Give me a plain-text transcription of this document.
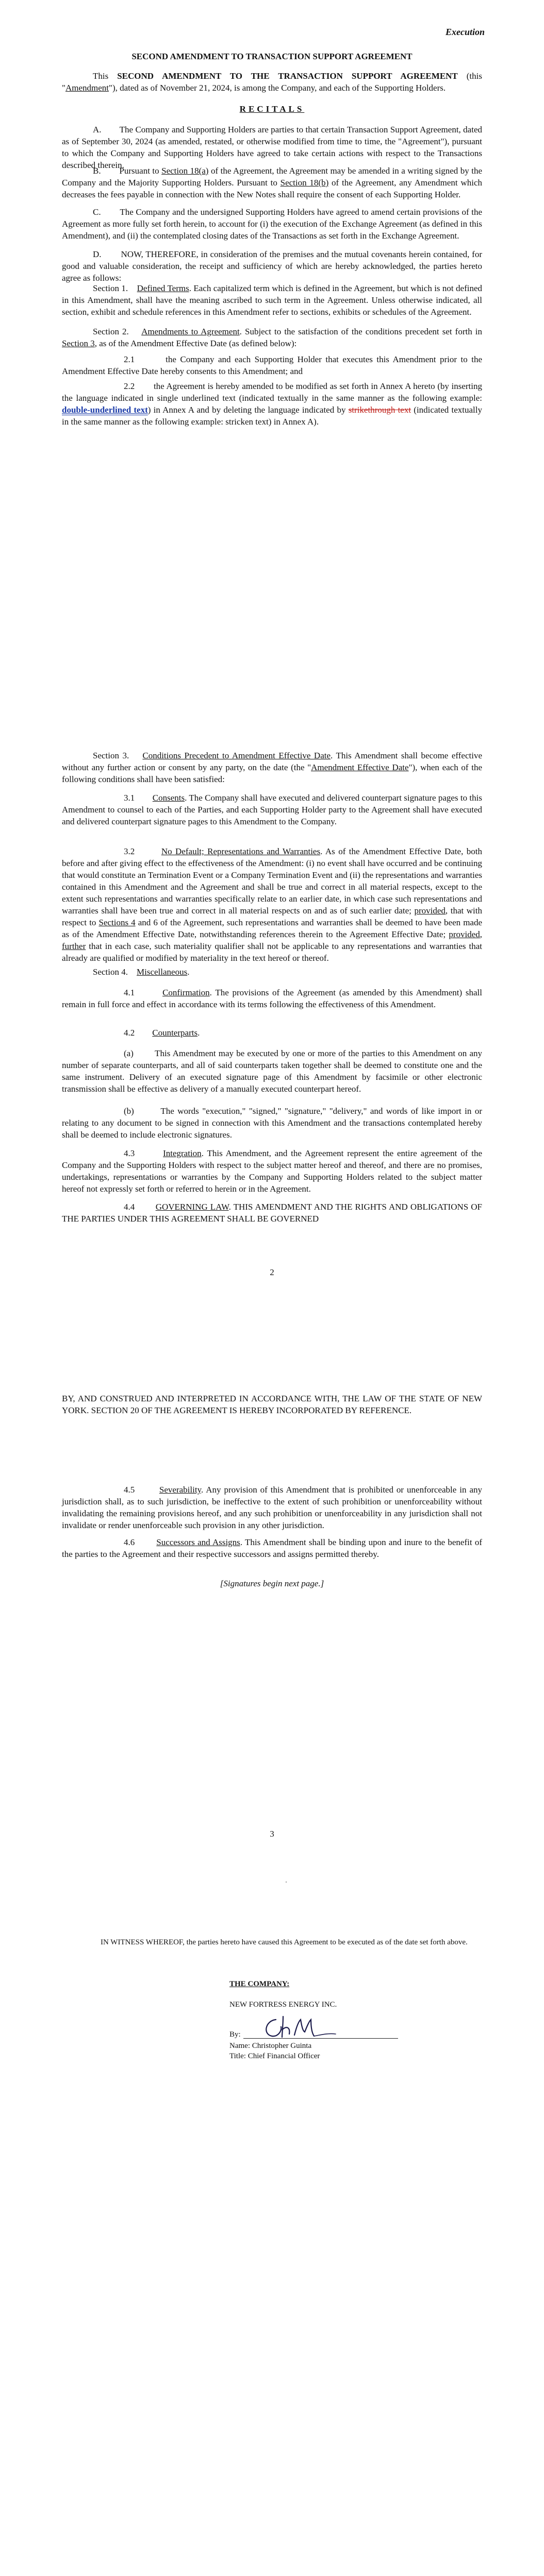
Execution

SECOND AMENDMENT TO TRANSACTION SUPPORT AGREEMENT

This SECOND AMENDMENT TO THE TRANSACTION SUPPORT AGREEMENT (this "Amendment"), dated as of November 21, 2024, is among the Company, and each of the Supporting Holders.

RECITALS

A.        The Company and Supporting Holders are parties to that certain Transaction Support Agreement, dated as of September 30, 2024 (as amended, restated, or otherwise modified from time to time, the "Agreement"), pursuant to which the Company and Supporting Holders have agreed to take certain actions with respect to the Transactions described therein.

B.        Pursuant to Section 18(a) of the Agreement, the Agreement may be amended in a writing signed by the Company and the Majority Supporting Holders. Pursuant to Section 18(b) of the Agreement, any Amendment which decreases the fees payable in connection with the New Notes shall require the consent of each Supporting Holder.

C.        The Company and the undersigned Supporting Holders have agreed to amend certain provisions of the Agreement as more fully set forth herein, to account for (i) the execution of the Exchange Agreement (as defined in this Amendment), and (ii) the contemplated closing dates of the Transactions as set forth in the Exchange Agreement.

D.        NOW, THEREFORE, in consideration of the premises and the mutual covenants herein contained, for good and valuable consideration, the receipt and sufficiency of which are hereby acknowledged, the parties hereto agree as follows:

Section 1. Defined Terms. Each capitalized term which is defined in the Agreement, but which is not defined in this Amendment, shall have the meaning ascribed to such term in the Agreement. Unless otherwise indicated, all section, exhibit and schedule references in this Amendment refer to sections, exhibits or schedules of the Agreement.

Section 2. Amendments to Agreement. Subject to the satisfaction of the conditions precedent set forth in Section 3, as of the Amendment Effective Date (as defined below):

2.1        the Company and each Supporting Holder that executes this Amendment prior to the Amendment Effective Date hereby consents to this Amendment; and

2.2        the Agreement is hereby amended to be modified as set forth in Annex A hereto (by inserting the language indicated in single underlined text (indicated textually in the same manner as the following example: double-underlined text) in Annex A and by deleting the language indicated by strikethrough text (indicated textually in the same manner as the following example: stricken text) in Annex A).

Section 3. Conditions Precedent to Amendment Effective Date. This Amendment shall become effective without any further action or consent by any party, on the date (the "Amendment Effective Date"), when each of the following conditions shall have been satisfied:

3.1        Consents. The Company shall have executed and delivered counterpart signature pages to this Amendment to counsel to each of the Parties, and each Supporting Holder party to the Agreement shall have executed and delivered counterpart signature pages to this Amendment to the Company.

3.2        No Default; Representations and Warranties. As of the Amendment Effective Date, both before and after giving effect to the effectiveness of the Amendment: (i) no event shall have occurred and be continuing that would constitute an Termination Event or a Company Termination Event and (ii) the representations and warranties contained in this Amendment and the Agreement and shall be true and correct in all material respects, except to the extent such representations and warranties specifically relate to an earlier date, in which case such representations and warranties shall have been true and correct in all material respects on and as of such earlier date; provided, that with respect to Sections 4 and 6 of the Agreement, such representations and warranties shall be deemed to have been made as of the Amendment Effective Date, notwithstanding references therein to the Agreement Effective Date; provided, further that in each case, such materiality qualifier shall not be applicable to any representations and warranties that already are qualified or modified by materiality in the text hereof or thereof.

Section 4. Miscellaneous.

4.1        Confirmation. The provisions of the Agreement (as amended by this Amendment) shall remain in full force and effect in accordance with its terms following the effectiveness of this Amendment.

4.2        Counterparts.

(a)        This Amendment may be executed by one or more of the parties to this Amendment on any number of separate counterparts, and all of said counterparts taken together shall be deemed to constitute one and the same instrument. Delivery of an executed signature page of this Amendment by facsimile or other electronic transmission shall be effective as delivery of a manually executed counterpart hereof.

(b)        The words "execution," "signed," "signature," "delivery," and words of like import in or relating to any document to be signed in connection with this Amendment and the transactions contemplated hereby shall be deemed to include electronic signatures.

4.3        Integration. This Amendment, and the Agreement represent the entire agreement of the Company and the Supporting Holders with respect to the subject matter hereof and thereof, and there are no promises, undertakings, representations or warranties by the Company and Supporting Holders related to the subject matter hereof not expressly set forth or referred to herein or in the Agreement.

4.4        GOVERNING LAW. THIS AMENDMENT AND THE RIGHTS AND OBLIGATIONS OF THE PARTIES UNDER THIS AGREEMENT SHALL BE GOVERNED

2

BY, AND CONSTRUED AND INTERPRETED IN ACCORDANCE WITH, THE LAW OF THE STATE OF NEW YORK. SECTION 20 OF THE AGREEMENT IS HEREBY INCORPORATED BY REFERENCE.

4.5        Severability. Any provision of this Amendment that is prohibited or unenforceable in any jurisdiction shall, as to such jurisdiction, be ineffective to the extent of such prohibition or unenforceability without invalidating the remaining provisions hereof, and any such prohibition or unenforceability in any jurisdiction shall not invalidate or render unenforceable such provision in any other jurisdiction.

4.6        Successors and Assigns. This Amendment shall be binding upon and inure to the benefit of the parties to the Agreement and their respective successors and assigns permitted thereby.

[Signatures begin next page.]

3

IN WITNESS WHEREOF, the parties hereto have caused this Agreement to be executed as of the date set forth above.

THE COMPANY:

NEW FORTRESS ENERGY INC.

By:

Name: Christopher Guinta

Title: Chief Financial Officer
